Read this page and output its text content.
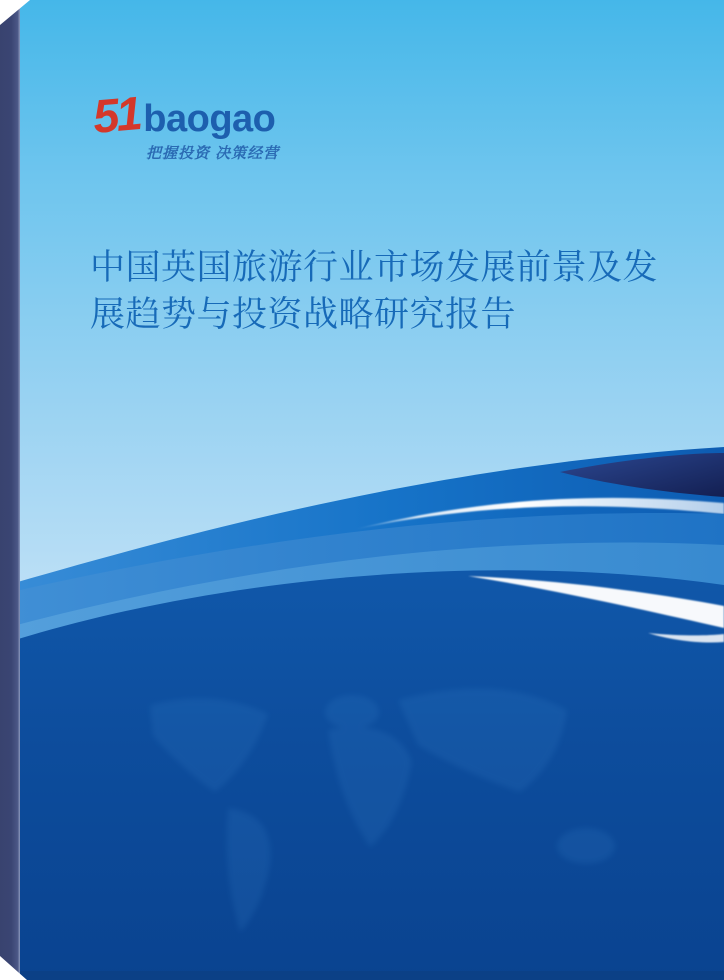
51 baogao
把握投资 决策经营
中国英国旅游行业市场发展前景及发
展趋势与投资战略研究报告
